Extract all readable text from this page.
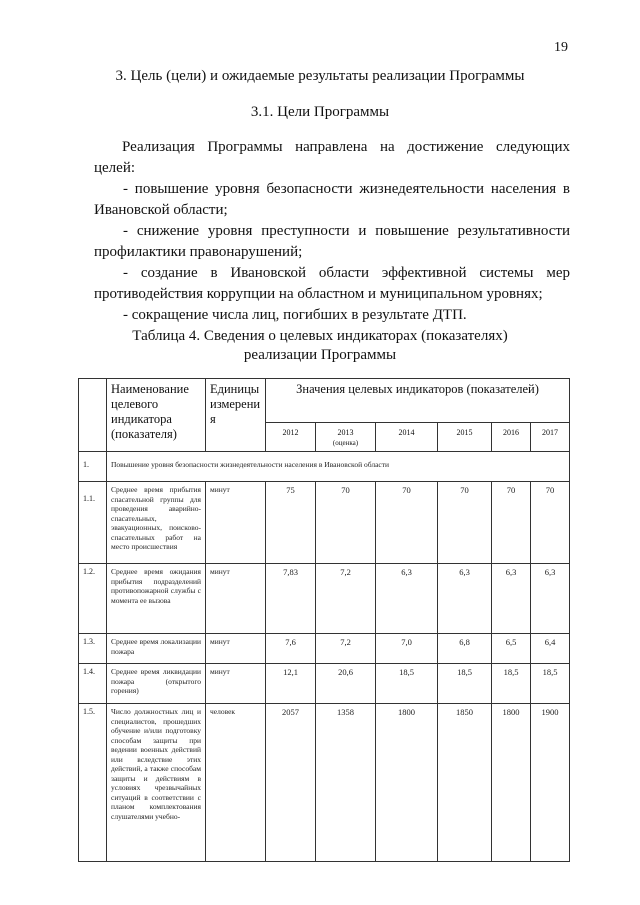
19
3. Цель (цели) и ожидаемые результаты реализации Программы
3.1. Цели Программы
Реализация Программы направлена на достижение следующих
целей:
- повышение уровня безопасности жизнедеятельности населения в
Ивановской области;
- снижение уровня преступности и повышение результативности
профилактики правонарушений;
- создание в Ивановской области эффективной системы мер
противодействия коррупции на областном и муниципальном уровнях;
- сокращение числа лиц, погибших в результате ДТП.
Таблица 4. Сведения о целевых индикаторах (показателях)
реализации Программы
	Наименование целевого индикатора (показателя)	Единицы измерени я	Значения целевых индикаторов (показателей)					
			2012	2013
(оценка)	2014	2015	2016	2017
1.	Повышение уровня безопасности жизнедеятельности населения в Ивановской области							
1.1.	Среднее время прибытия спасательной группы для проведения аварийно-спасательных, эвакуационных, поисково-спасательных работ на место происшествия	минут	75	70	70	70	70	70
1.2.	Среднее время ожидания прибытия подразделений противопожарной службы с момента ее вызова	минут	7,83	7,2	6,3	6,3	6,3	6,3
1.3.	Среднее время локализации пожара	минут	7,6	7,2	7,0	6,8	6,5	6,4
1.4.	Среднее время ликвидации пожара (открытого горения)	минут	12,1	20,6	18,5	18,5	18,5	18,5
1.5.	Число должностных лиц и специалистов, прошедших обучение и/или подготовку способам защиты при ведении военных действий или вследствие этих действий, а также способам защиты и действиям в условиях чрезвычайных ситуаций в соответствии с планом комплектования слушателями учебно-	человек	2057	1358	1800	1850	1800	1900
